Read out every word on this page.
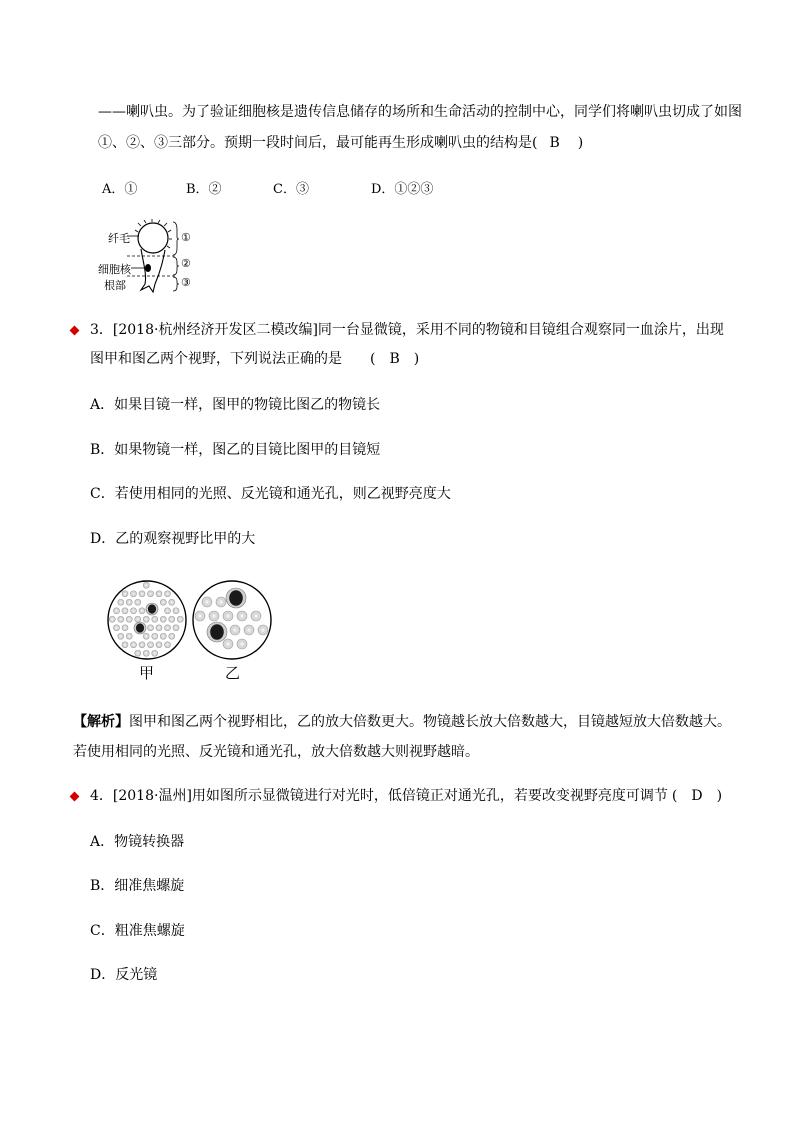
——喇叭虫。为了验证细胞核是遗传信息储存的场所和生命活动的控制中心，同学们将喇叭虫切成了如图
①、②、③三部分。预期一段时间后，最可能再生形成喇叭虫的结构是( B )
A．①	B．②	C．③	D．①②③
纤毛
细胞核
根部
①
②
③
3．[2018·杭州经济开发区二模改编]同一台显微镜，采用不同的物镜和目镜组合观察同一血涂片，出现
图甲和图乙两个视野，下列说法正确的是 ( B )
A．如果目镜一样，图甲的物镜比图乙的物镜长
B．如果物镜一样，图乙的目镜比图甲的目镜短
C．若使用相同的光照、反光镜和通光孔，则乙视野亮度大
D．乙的观察视野比甲的大
甲	乙
【解析】图甲和图乙两个视野相比，乙的放大倍数更大。物镜越长放大倍数越大，目镜越短放大倍数越大。
若使用相同的光照、反光镜和通光孔，放大倍数越大则视野越暗。
4．[2018·温州]用如图所示显微镜进行对光时，低倍镜正对通光孔，若要改变视野亮度可调节 ( D )
A．物镜转换器
B．细准焦螺旋
C．粗准焦螺旋
D．反光镜
